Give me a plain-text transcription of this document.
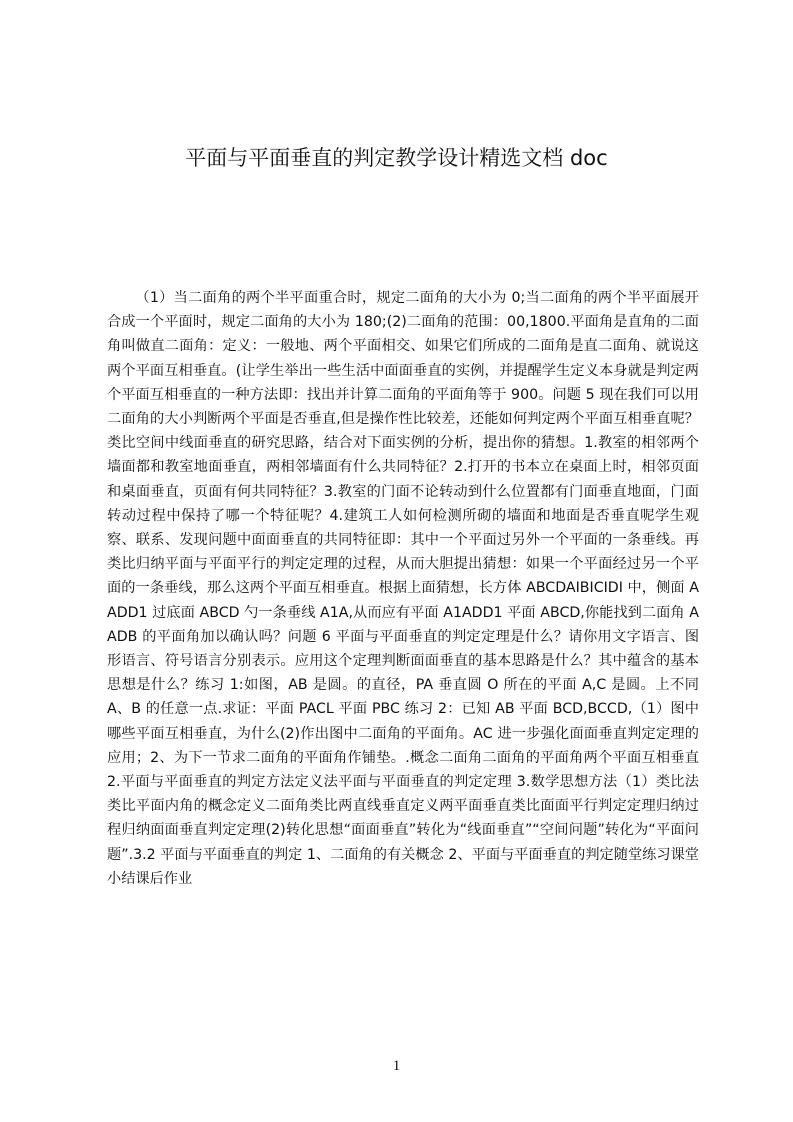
平面与平面垂直的判定教学设计精选文档 doc

（1）当二面角的两个半平面重合时，规定二面角的大小为 0;当二面角的两个半平面展开合成一个平面时，规定二面角的大小为 180;(2)二面角的范围：00,1800.平面角是直角的二面角叫做直二面角：定义：一般地、两个平面相交、如果它们所成的二面角是直二面角、就说这两个平面互相垂直。(让学生举出一些生活中面面垂直的实例，并提醒学生定义本身就是判定两个平面互相垂直的一种方法即：找出并计算二面角的平面角等于 900。问题 5 现在我们可以用二面角的大小判断两个平面是否垂直,但是操作性比较差，还能如何判定两个平面互相垂直呢？类比空间中线面垂直的研究思路，结合对下面实例的分析，提出你的猜想。1.教室的相邻两个墙面都和教室地面垂直，两相邻墙面有什么共同特征？2.打开的书本立在桌面上时，相邻页面和桌面垂直，页面有何共同特征？3.教室的门面不论转动到什么位置都有门面垂直地面，门面转动过程中保持了哪一个特征呢？4.建筑工人如何检测所砌的墙面和地面是否垂直呢学生观察、联系、发现问题中面面垂直的共同特征即：其中一个平面过另外一个平面的一条垂线。再类比归纳平面与平面平行的判定定理的过程，从而大胆提出猜想：如果一个平面经过另一个平面的一条垂线，那么这两个平面互相垂直。根据上面猜想，长方体 ABCDAIBICIDI 中，侧面 AADD1 过底面 ABCD 勺一条垂线 A1A,从而应有平面 A1ADD1 平面 ABCD,你能找到二面角 AADB 的平面角加以确认吗？问题 6 平面与平面垂直的判定定理是什么？请你用文字语言、图形语言、符号语言分别表示。应用这个定理判断面面垂直的基本思路是什么？其中蕴含的基本思想是什么？练习 1:如图，AB 是圆。的直径，PA 垂直圆 O 所在的平面 A,C 是圆。上不同　A、B 的任意一点.求证：平面 PACL 平面 PBC 练习 2：已知 AB 平面 BCD,BCCD,（1）图中哪些平面互相垂直，为什么(2)作出图中二面角的平面角。AC 进一步强化面面垂直判定定理的应用；2、为下一节求二面角的平面角作铺垫。.概念二面角二面角的平面角两个平面互相垂直 2.平面与平面垂直的判定方法定义法平面与平面垂直的判定定理 3.数学思想方法（1）类比法类比平面内角的概念定义二面角类比两直线垂直定义两平面垂直类比面面平行判定定理归纳过程归纳面面垂直判定定理(2)转化思想“面面垂直”转化为“线面垂直”“空间问题”转化为“平面问题”.3.2 平面与平面垂直的判定 1、二面角的有关概念 2、平面与平面垂直的判定随堂练习课堂小结课后作业

1
